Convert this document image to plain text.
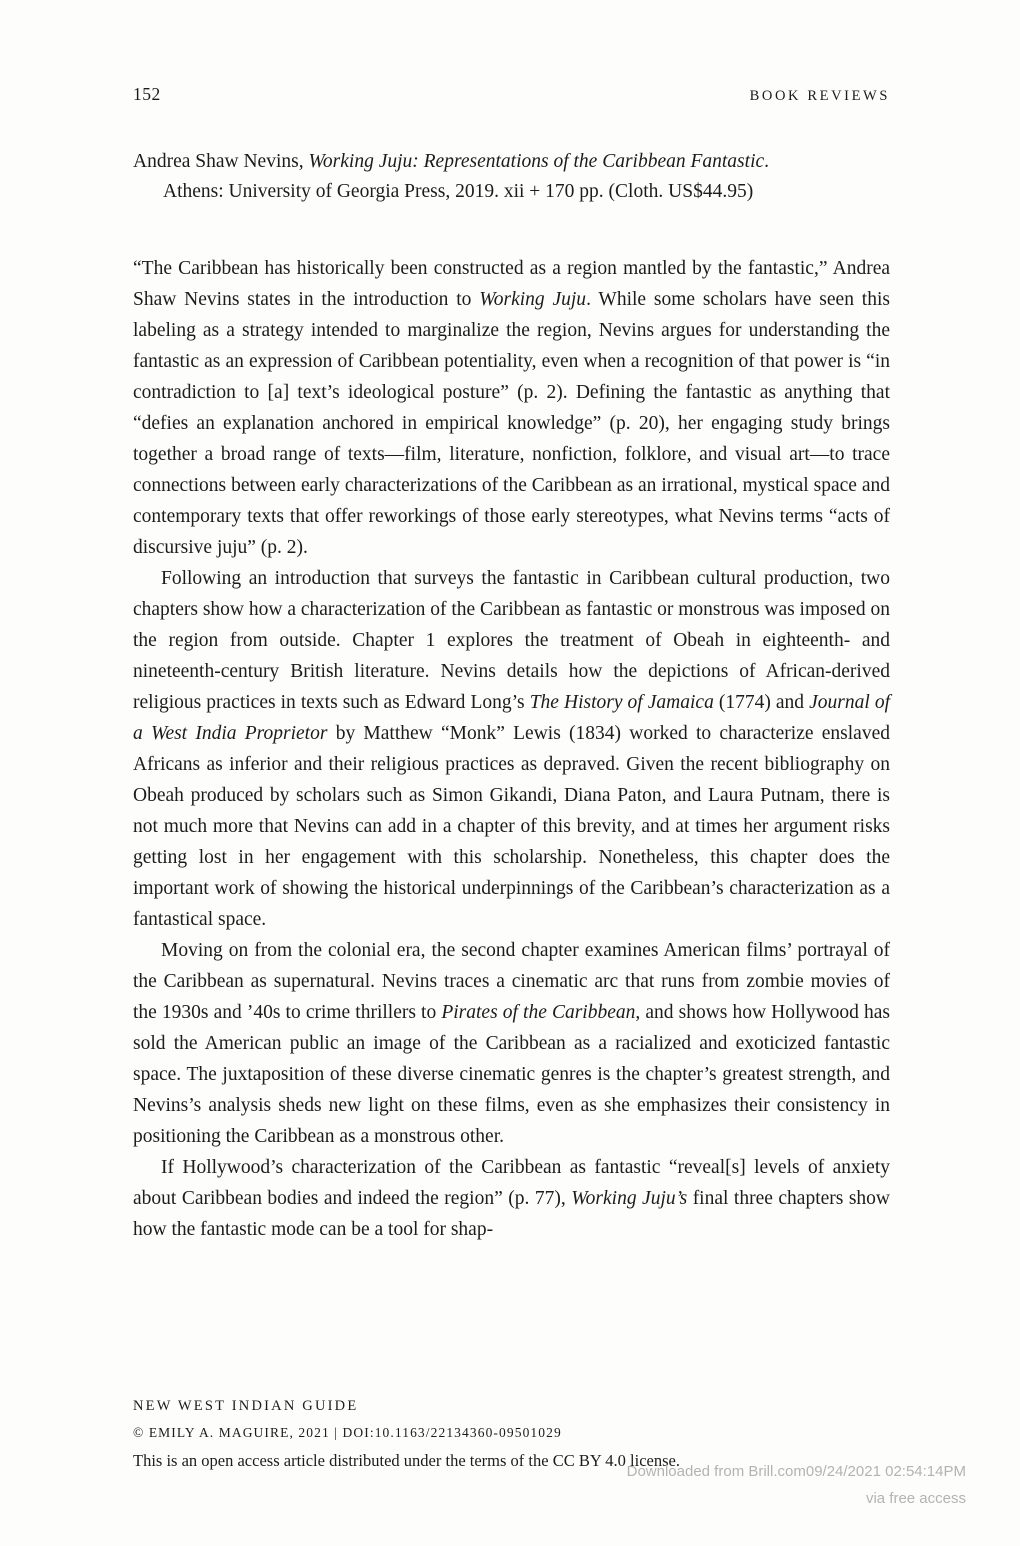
152	BOOK REVIEWS

Andrea Shaw Nevins, Working Juju: Representations of the Caribbean Fantastic.

Athens: University of Georgia Press, 2019. xii + 170 pp. (Cloth. US$44.95)

“The Caribbean has historically been constructed as a region mantled by the fantastic,” Andrea Shaw Nevins states in the introduction to Working Juju. While some scholars have seen this labeling as a strategy intended to marginalize the region, Nevins argues for understanding the fantastic as an expression of Caribbean potentiality, even when a recognition of that power is “in contradiction to [a] text’s ideological posture” (p. 2). Defining the fantastic as anything that “defies an explanation anchored in empirical knowledge” (p. 20), her engaging study brings together a broad range of texts—film, literature, nonfiction, folklore, and visual art—to trace connections between early characterizations of the Caribbean as an irrational, mystical space and contemporary texts that offer reworkings of those early stereotypes, what Nevins terms “acts of discursive juju” (p. 2).

Following an introduction that surveys the fantastic in Caribbean cultural production, two chapters show how a characterization of the Caribbean as fantastic or monstrous was imposed on the region from outside. Chapter 1 explores the treatment of Obeah in eighteenth- and nineteenth-century British literature. Nevins details how the depictions of African-derived religious practices in texts such as Edward Long’s The History of Jamaica (1774) and Journal of a West India Proprietor by Matthew “Monk” Lewis (1834) worked to characterize enslaved Africans as inferior and their religious practices as depraved. Given the recent bibliography on Obeah produced by scholars such as Simon Gikandi, Diana Paton, and Laura Putnam, there is not much more that Nevins can add in a chapter of this brevity, and at times her argument risks getting lost in her engagement with this scholarship. Nonetheless, this chapter does the important work of showing the historical underpinnings of the Caribbean’s characterization as a fantastical space.

Moving on from the colonial era, the second chapter examines American films’ portrayal of the Caribbean as supernatural. Nevins traces a cinematic arc that runs from zombie movies of the 1930s and ’40s to crime thrillers to Pirates of the Caribbean, and shows how Hollywood has sold the American public an image of the Caribbean as a racialized and exoticized fantastic space. The juxtaposition of these diverse cinematic genres is the chapter’s greatest strength, and Nevins’s analysis sheds new light on these films, even as she emphasizes their consistency in positioning the Caribbean as a monstrous other.

If Hollywood’s characterization of the Caribbean as fantastic “reveal[s] levels of anxiety about Caribbean bodies and indeed the region” (p. 77), Working Juju’s final three chapters show how the fantastic mode can be a tool for shap-

NEW WEST INDIAN GUIDE

© EMILY A. MAGUIRE, 2021 | DOI:10.1163/22134360-09501029

This is an open access article distributed under the terms of the CC BY 4.0 license.

Downloaded from Brill.com09/24/2021 02:54:14PM
via free access
